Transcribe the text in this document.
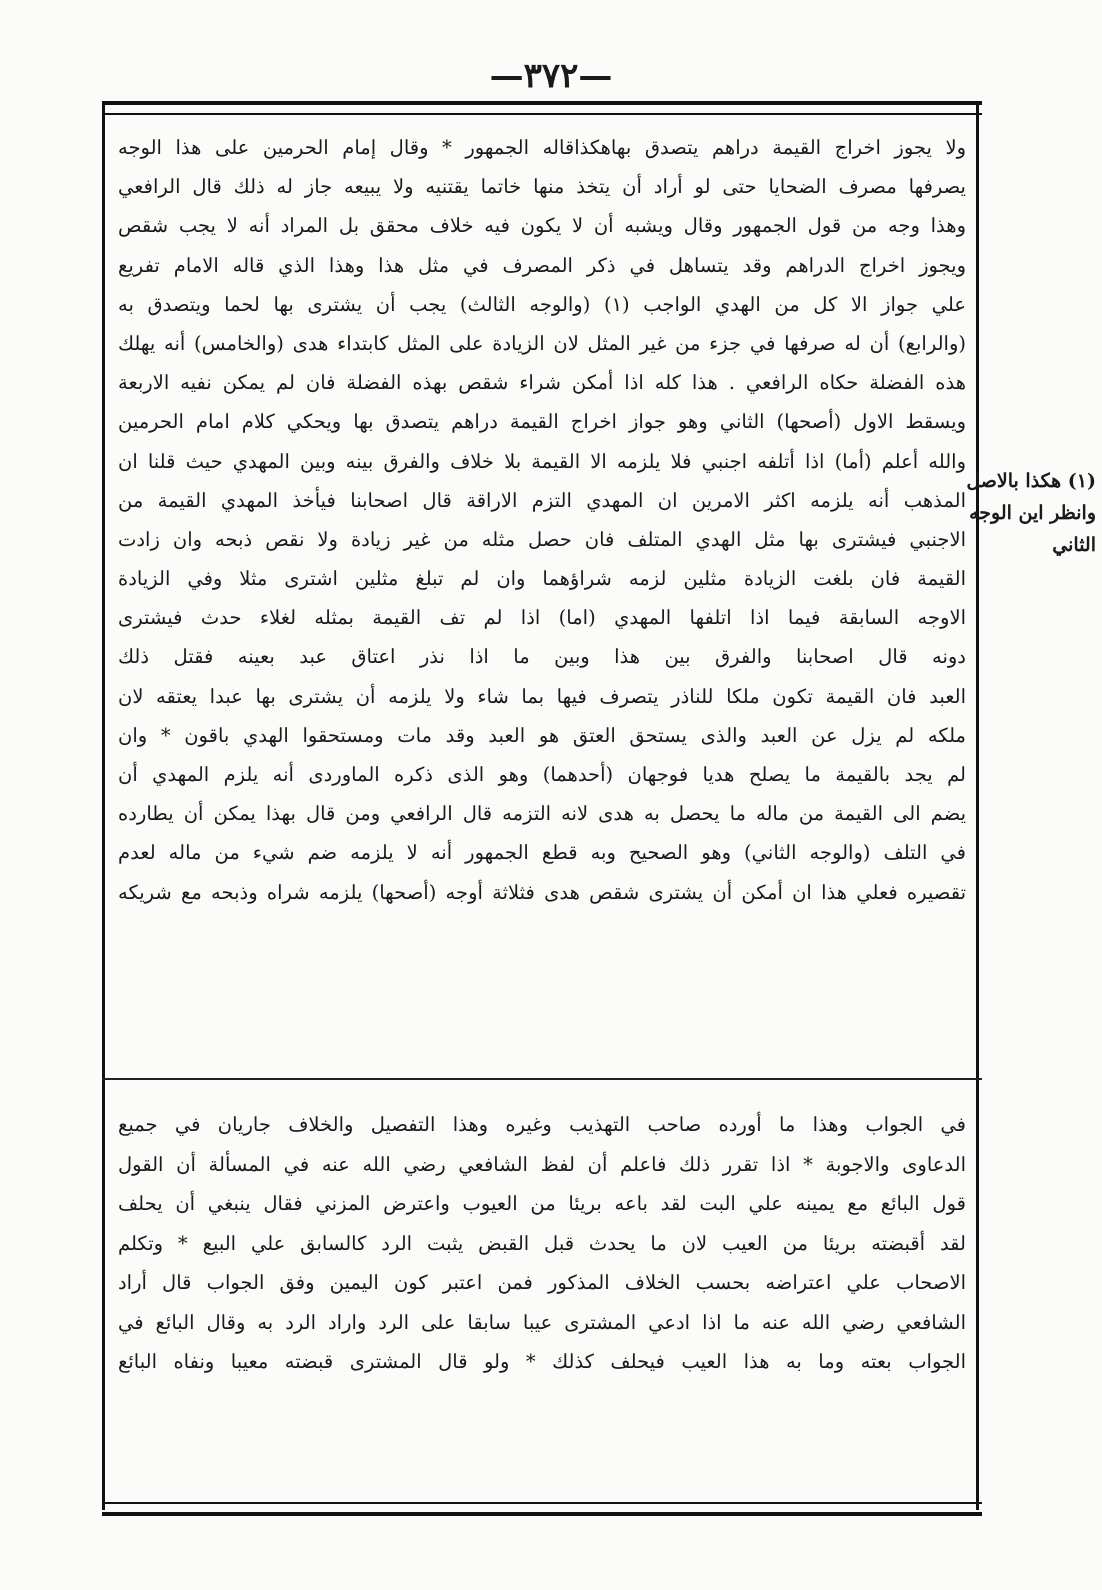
—٣٧٢—
ولا يجوز اخراج القيمة دراهم يتصدق بهاهكذاقاله الجمهور * وقال إمام الحرمين على هذا الوجه
يصرفها مصرف الضحايا حتى لو أراد أن يتخذ منها خاتما يقتنيه ولا يبيعه جاز له ذلك قال الرافعي
وهذا وجه من قول الجمهور وقال ويشبه أن لا يكون فيه خلاف محقق بل المراد أنه لا يجب شقص
ويجوز اخراج الدراهم وقد يتساهل في ذكر المصرف في مثل هذا وهذا الذي قاله الامام تفريع
علي جواز الا كل من الهدي الواجب (١) (والوجه الثالث) يجب أن يشترى بها لحما ويتصدق به
(والرابع) أن له صرفها في جزء من غير المثل لان الزيادة على المثل كابتداء هدى (والخامس) أنه يهلك
هذه الفضلة حكاه الرافعي . هذا كله اذا أمكن شراء شقص بهذه الفضلة فان لم يمكن نفيه الاربعة
ويسقط الاول (أصحها) الثاني وهو جواز اخراج القيمة دراهم يتصدق بها ويحكي كلام امام الحرمين
والله أعلم (أما) اذا أتلفه اجنبي فلا يلزمه الا القيمة بلا خلاف والفرق بينه وبين المهدي حيث قلنا ان
المذهب أنه يلزمه اكثر الامرين ان المهدي التزم الاراقة قال اصحابنا فيأخذ المهدي القيمة من
الاجنبي فيشترى بها مثل الهدي المتلف فان حصل مثله من غير زيادة ولا نقص ذبحه وان زادت
القيمة فان بلغت الزيادة مثلين لزمه شراؤهما وان لم تبلغ مثلين اشترى مثلا وفي الزيادة
الاوجه السابقة فيما اذا اتلفها المهدي (اما) اذا لم تف القيمة بمثله لغلاء حدث فيشترى
دونه قال اصحابنا والفرق بين هذا وبين ما اذا نذر اعتاق عبد بعينه فقتل ذلك
العبد فان القيمة تكون ملكا للناذر يتصرف فيها بما شاء ولا يلزمه أن يشترى بها عبدا يعتقه لان
ملكه لم يزل عن العبد والذى يستحق العتق هو العبد وقد مات ومستحقوا الهدي باقون * وان
لم يجد بالقيمة ما يصلح هديا فوجهان (أحدهما) وهو الذى ذكره الماوردى أنه يلزم المهدي أن
يضم الى القيمة من ماله ما يحصل به هدى لانه التزمه قال الرافعي ومن قال بهذا يمكن أن يطارده
في التلف (والوجه الثاني) وهو الصحيح وبه قطع الجمهور أنه لا يلزمه ضم شيء من ماله لعدم
تقصيره فعلي هذا ان أمكن أن يشترى شقص هدى فثلاثة أوجه (أصحها) يلزمه شراه وذبحه مع شريكه
في الجواب وهذا ما أورده صاحب التهذيب وغيره وهذا التفصيل والخلاف جاريان في جميع
الدعاوى والاجوبة * اذا تقرر ذلك فاعلم أن لفظ الشافعي رضي الله عنه في المسألة أن القول
قول البائع مع يمينه علي البت لقد باعه بريئا من العيوب واعترض المزني فقال ينبغي أن يحلف
لقد أقبضته بريئا من العيب لان ما يحدث قبل القبض يثبت الرد كالسابق علي البيع * وتكلم
الاصحاب علي اعتراضه بحسب الخلاف المذكور فمن اعتبر كون اليمين وفق الجواب قال أراد
الشافعي رضي الله عنه ما اذا ادعي المشترى عيبا سابقا على الرد واراد الرد به وقال البائع في
الجواب بعته وما به هذا العيب فيحلف كذلك * ولو قال المشترى قبضته معيبا ونفاه البائع
(١) هكذا بالاصل
وانظر اين الوجه
الثاني
